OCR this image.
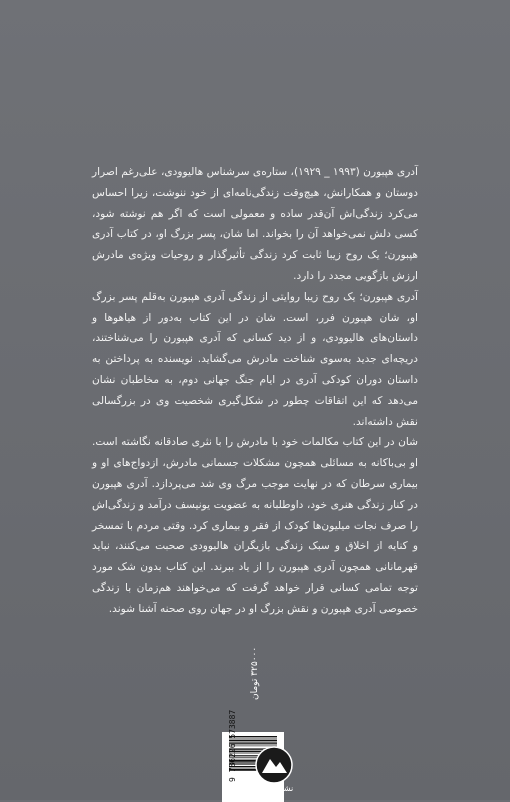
آدری هپبورن (۱۹۹۳ _ ۱۹۲۹)، ستاره‌ی سرشناس هالیوودی، علی‌رغم اصرار دوستان و همکارانش، هیچ‌وقت زندگی‌نامه‌ای از خود ننوشت، زیرا احساس می‌کرد زندگی‌اش آن‌قدر ساده و معمولی است که اگر هم نوشته شود، کسی دلش نمی‌خواهد آن را بخواند. اما شان، پسر بزرگ او، در کتاب آدری هپبورن؛ یک روح زیبا ثابت کرد زندگی تأثیرگذار و روحیات ویژه‌ی مادرش ارزش بازگویی مجدد را دارد.

آدری هپبورن؛ یک روح زیبا روایتی از زندگی آدری هپبورن به‌قلم پسر بزرگ او، شان هپبورن فرر، است. شان در این کتاب به‌دور از هیاهوها و داستان‌های هالیوودی، و از دید کسانی که آدری هپبورن را می‌شناختند، دریچه‌ای جدید به‌سوی شناخت مادرش می‌گشاید. نویسنده به پرداختن به داستان دوران کودکی آدری در ایام جنگ جهانی دوم، به مخاطبان نشان می‌دهد که این اتفاقات چطور در شکل‌گیری شخصیت وی در بزرگسالی نقش داشته‌اند.

شان در این کتاب مکالمات خود با مادرش را با نثری صادقانه نگاشته است. او بی‌باکانه به مسائلی همچون مشکلات جسمانی مادرش، ازدواج‌های او و بیماری سرطان که در نهایت موجب مرگ وی شد می‌پردازد. آدری هپبورن در کنار زندگی هنری خود، داوطلبانه به عضویت یونیسف درآمد و زندگی‌اش را صرف نجات میلیون‌ها کودک از فقر و بیماری کرد. وقتی مردم با تمسخر و کنایه از اخلاق و سبک زندگی بازیگران هالیوودی صحبت می‌کنند، نباید قهرمانانی همچون آدری هپبورن را از یاد ببرند. این کتاب بدون شک مورد توجه تمامی کسانی قرار خواهد گرفت که می‌خواهند هم‌زمان با زندگی خصوصی آدری هپبورن و نقش بزرگ او در جهان روی صحنه آشنا شوند.

۳۲۵۰۰۰ تومان
9 786226 573887
نشر میلکان
